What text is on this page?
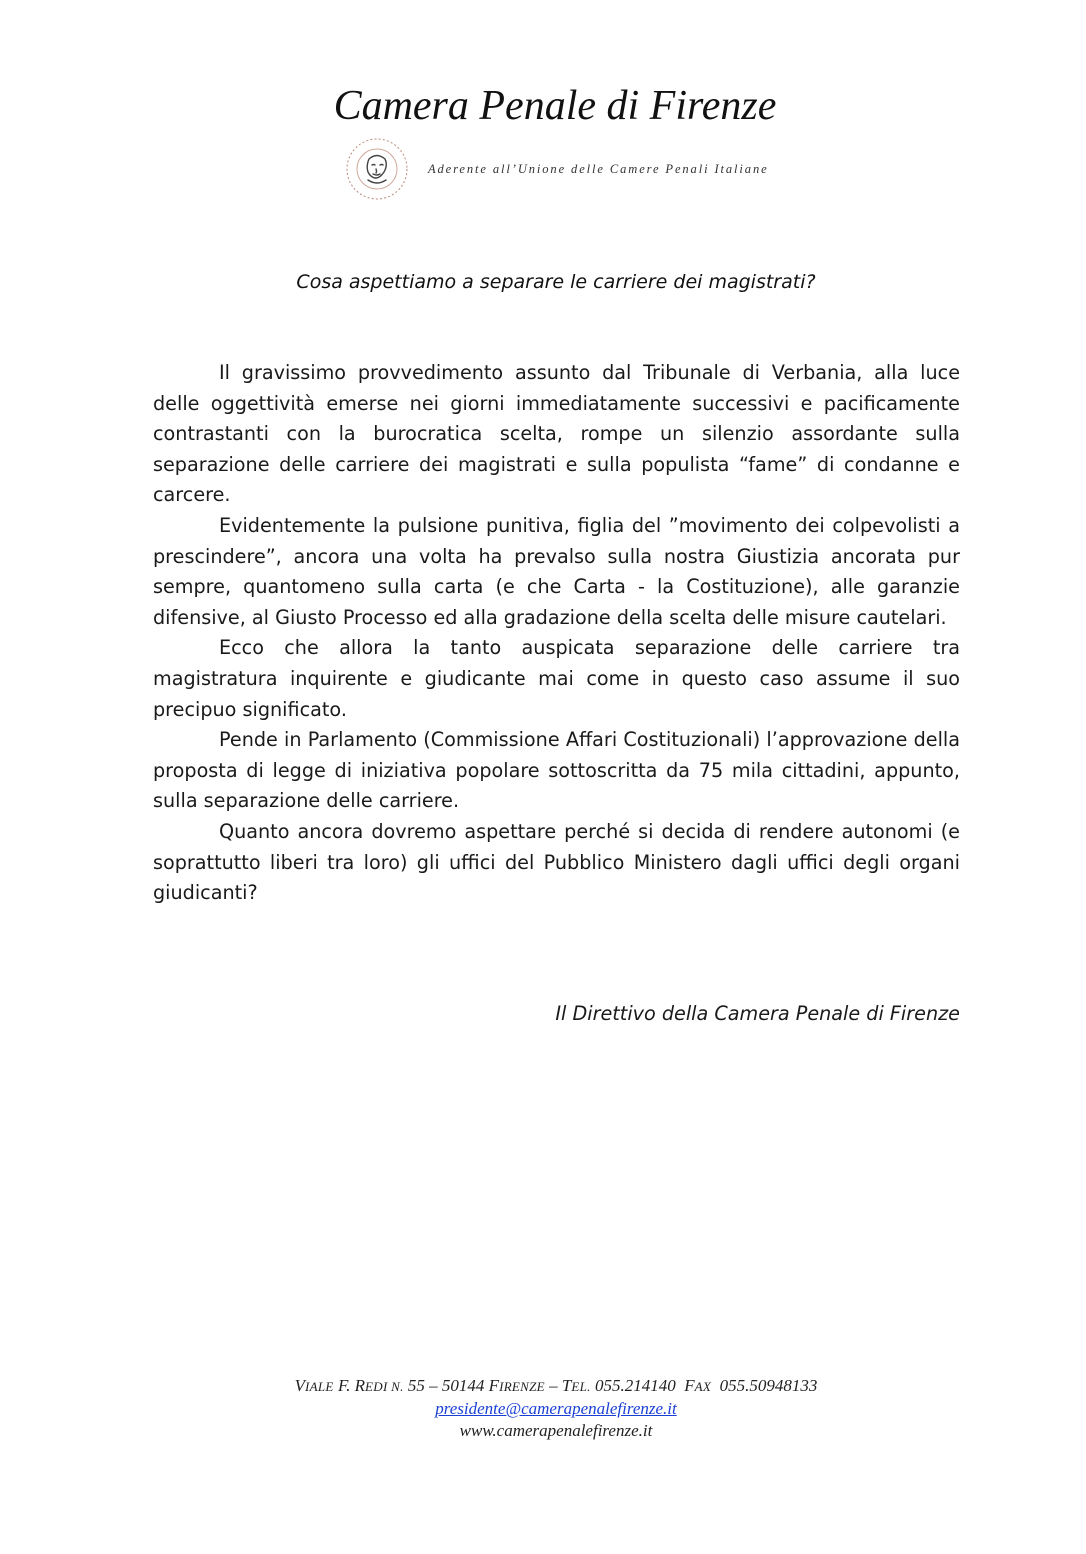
Camera Penale di Firenze
Aderente all’Unione delle Camere Penali Italiane
Cosa aspettiamo a separare le carriere dei magistrati?

Il gravissimo provvedimento assunto dal Tribunale di Verbania, alla luce delle oggettività emerse nei giorni immediatamente successivi e pacificamente contrastanti con la burocratica scelta, rompe un silenzio assordante sulla separazione delle carriere dei magistrati e sulla populista “fame” di condanne e carcere.

Evidentemente la pulsione punitiva, figlia del ”movimento dei colpevolisti a prescindere”, ancora una volta ha prevalso sulla nostra Giustizia ancorata pur sempre, quantomeno sulla carta (e che Carta - la Costituzione), alle garanzie difensive, al Giusto Processo ed alla gradazione della scelta delle misure cautelari.

Ecco che allora la tanto auspicata separazione delle carriere tra magistratura inquirente e giudicante mai come in questo caso assume il suo precipuo significato.

Pende in Parlamento (Commissione Affari Costituzionali) l’approvazione della proposta di legge di iniziativa popolare sottoscritta da 75 mila cittadini, appunto, sulla separazione delle carriere.

Quanto ancora dovremo aspettare perché si decida di rendere autonomi (e soprattutto liberi tra loro) gli uffici del Pubblico Ministero dagli uffici degli organi giudicanti?

Il Direttivo della Camera Penale di Firenze
VIALE F. REDI N. 55 – 50144 FIRENZE – TEL. 055.214140  FAX  055.50948133
presidente@camerapenalefirenze.it
www.camerapenalefirenze.it
